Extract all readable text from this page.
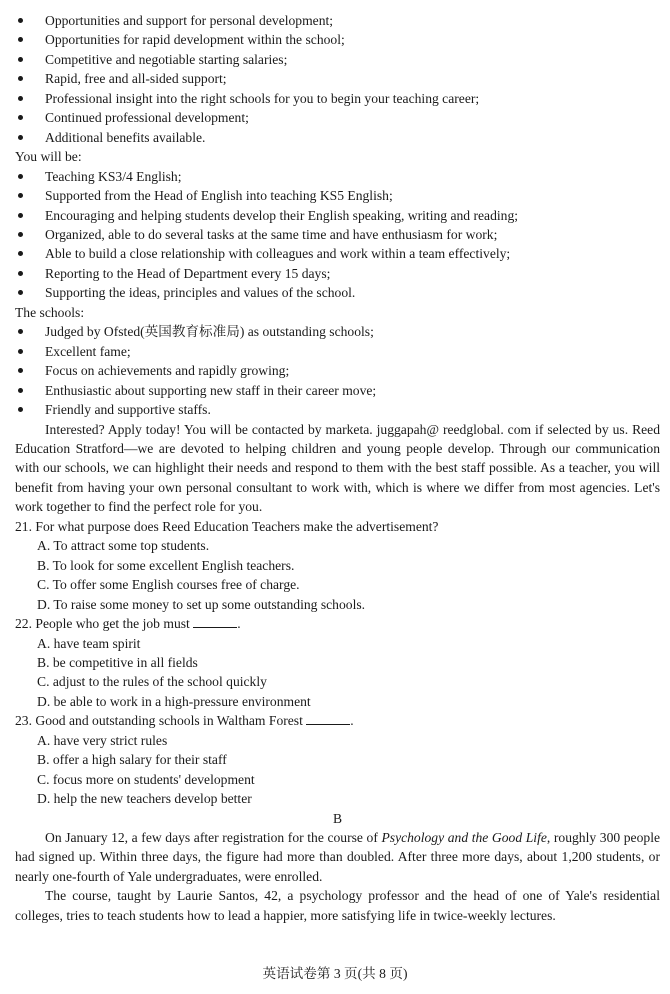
Opportunities and support for personal development;
Opportunities for rapid development within the school;
Competitive and negotiable starting salaries;
Rapid, free and all-sided support;
Professional insight into the right schools for you to begin your teaching career;
Continued professional development;
Additional benefits available.
You will be:
Teaching KS3/4 English;
Supported from the Head of English into teaching KS5 English;
Encouraging and helping students develop their English speaking, writing and reading;
Organized, able to do several tasks at the same time and have enthusiasm for work;
Able to build a close relationship with colleagues and work within a team effectively;
Reporting to the Head of Department every 15 days;
Supporting the ideas, principles and values of the school.
The schools:
Judged by Ofsted(英国教育标准局) as outstanding schools;
Excellent fame;
Focus on achievements and rapidly growing;
Enthusiastic about supporting new staff in their career move;
Friendly and supportive staffs.
Interested? Apply today! You will be contacted by marketa. juggapah@ reedglobal. com if selected by us. Reed Education Stratford—we are devoted to helping children and young people develop. Through our communication with our schools, we can highlight their needs and respond to them with the best staff possible. As a teacher, you will benefit from having your own personal consultant to work with, which is where we differ from most agencies. Let's work together to find the perfect role for you.
21. For what purpose does Reed Education Teachers make the advertisement?
A. To attract some top students.
B. To look for some excellent English teachers.
C. To offer some English courses free of charge.
D. To raise some money to set up some outstanding schools.
22. People who get the job must	.
A. have team spirit
B. be competitive in all fields
C. adjust to the rules of the school quickly
D. be able to work in a high-pressure environment
23. Good and outstanding schools in Waltham Forest	.
A. have very strict rules
B. offer a high salary for their staff
C. focus more on students' development
D. help the new teachers develop better
B
On January 12, a few days after registration for the course of Psychology and the Good Life, roughly 300 people had signed up. Within three days, the figure had more than doubled. After three more days, about 1,200 students, or nearly one-fourth of Yale undergraduates, were enrolled.
The course, taught by Laurie Santos, 42, a psychology professor and the head of one of Yale's residential colleges, tries to teach students how to lead a happier, more satisfying life in twice-weekly lectures.
英语试卷第 3 页(共 8 页)
